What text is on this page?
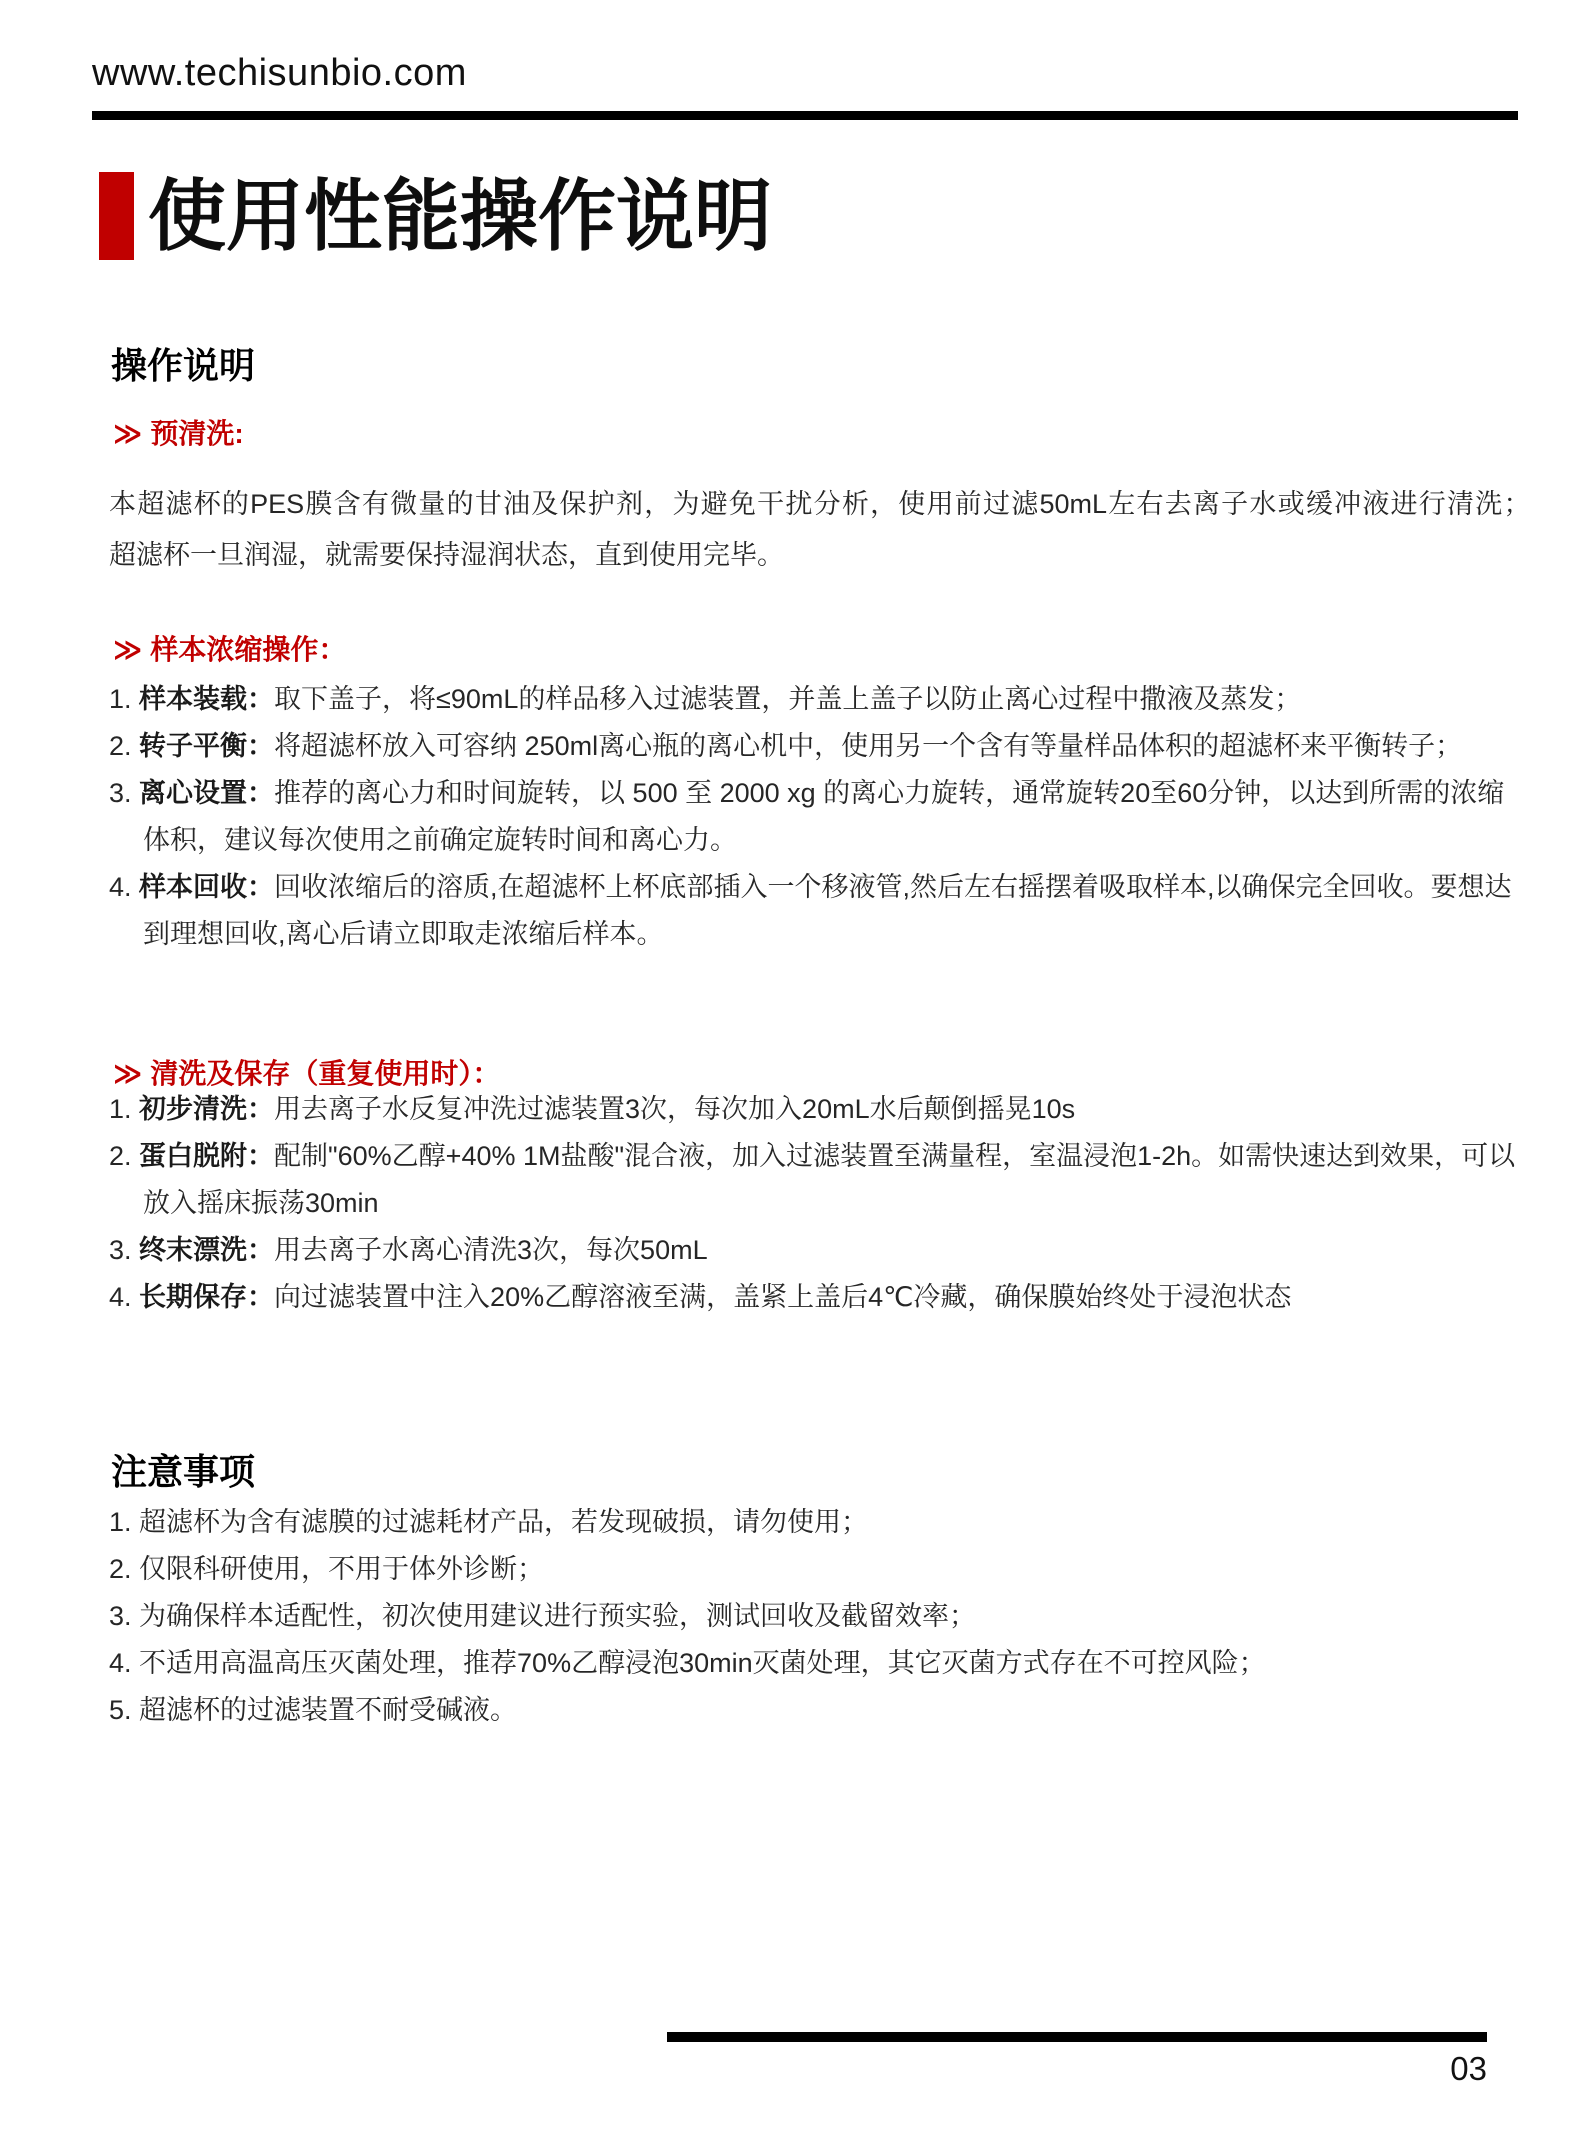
www.techisunbio.com
使用性能操作说明
操作说明
≫ 预清洗:

本超滤杯的PES膜含有微量的甘油及保护剂，为避免干扰分析，使用前过滤50mL左右去离子水或缓冲液进行清洗；　　超滤杯一旦润湿，就需要保持湿润状态，直到使用完毕。

≫ 样本浓缩操作：
1. 样本装载：取下盖子，将≤90mL的样品移入过滤装置，并盖上盖子以防止离心过程中撒液及蒸发；
2. 转子平衡：将超滤杯放入可容纳 250ml离心瓶的离心机中，使用另一个含有等量样品体积的超滤杯来平衡转子；
3. 离心设置：推荐的离心力和时间旋转，以 500 至 2000 xg 的离心力旋转，通常旋转20至60分钟，以达到所需的浓缩体积，建议每次使用之前确定旋转时间和离心力。
4. 样本回收：回收浓缩后的溶质,在超滤杯上杯底部插入一个移液管,然后左右摇摆着吸取样本,以确保完全回收。要想达到理想回收,离心后请立即取走浓缩后样本。
≫ 清洗及保存（重复使用时）：
1. 初步清洗：用去离子水反复冲洗过滤装置3次，每次加入20mL水后颠倒摇晃10s
2. 蛋白脱附：配制"60%乙醇+40% 1M盐酸"混合液，加入过滤装置至满量程，室温浸泡1-2h。如需快速达到效果，可以放入摇床振荡30min
3. 终末漂洗：用去离子水离心清洗3次，每次50mL
4. 长期保存：向过滤装置中注入20%乙醇溶液至满，盖紧上盖后4℃冷藏，确保膜始终处于浸泡状态
注意事项
1. 超滤杯为含有滤膜的过滤耗材产品，若发现破损，请勿使用；
2. 仅限科研使用，不用于体外诊断；
3. 为确保样本适配性，初次使用建议进行预实验，测试回收及截留效率；
4. 不适用高温高压灭菌处理，推荐70%乙醇浸泡30min灭菌处理，其它灭菌方式存在不可控风险；
5. 超滤杯的过滤装置不耐受碱液。
03
